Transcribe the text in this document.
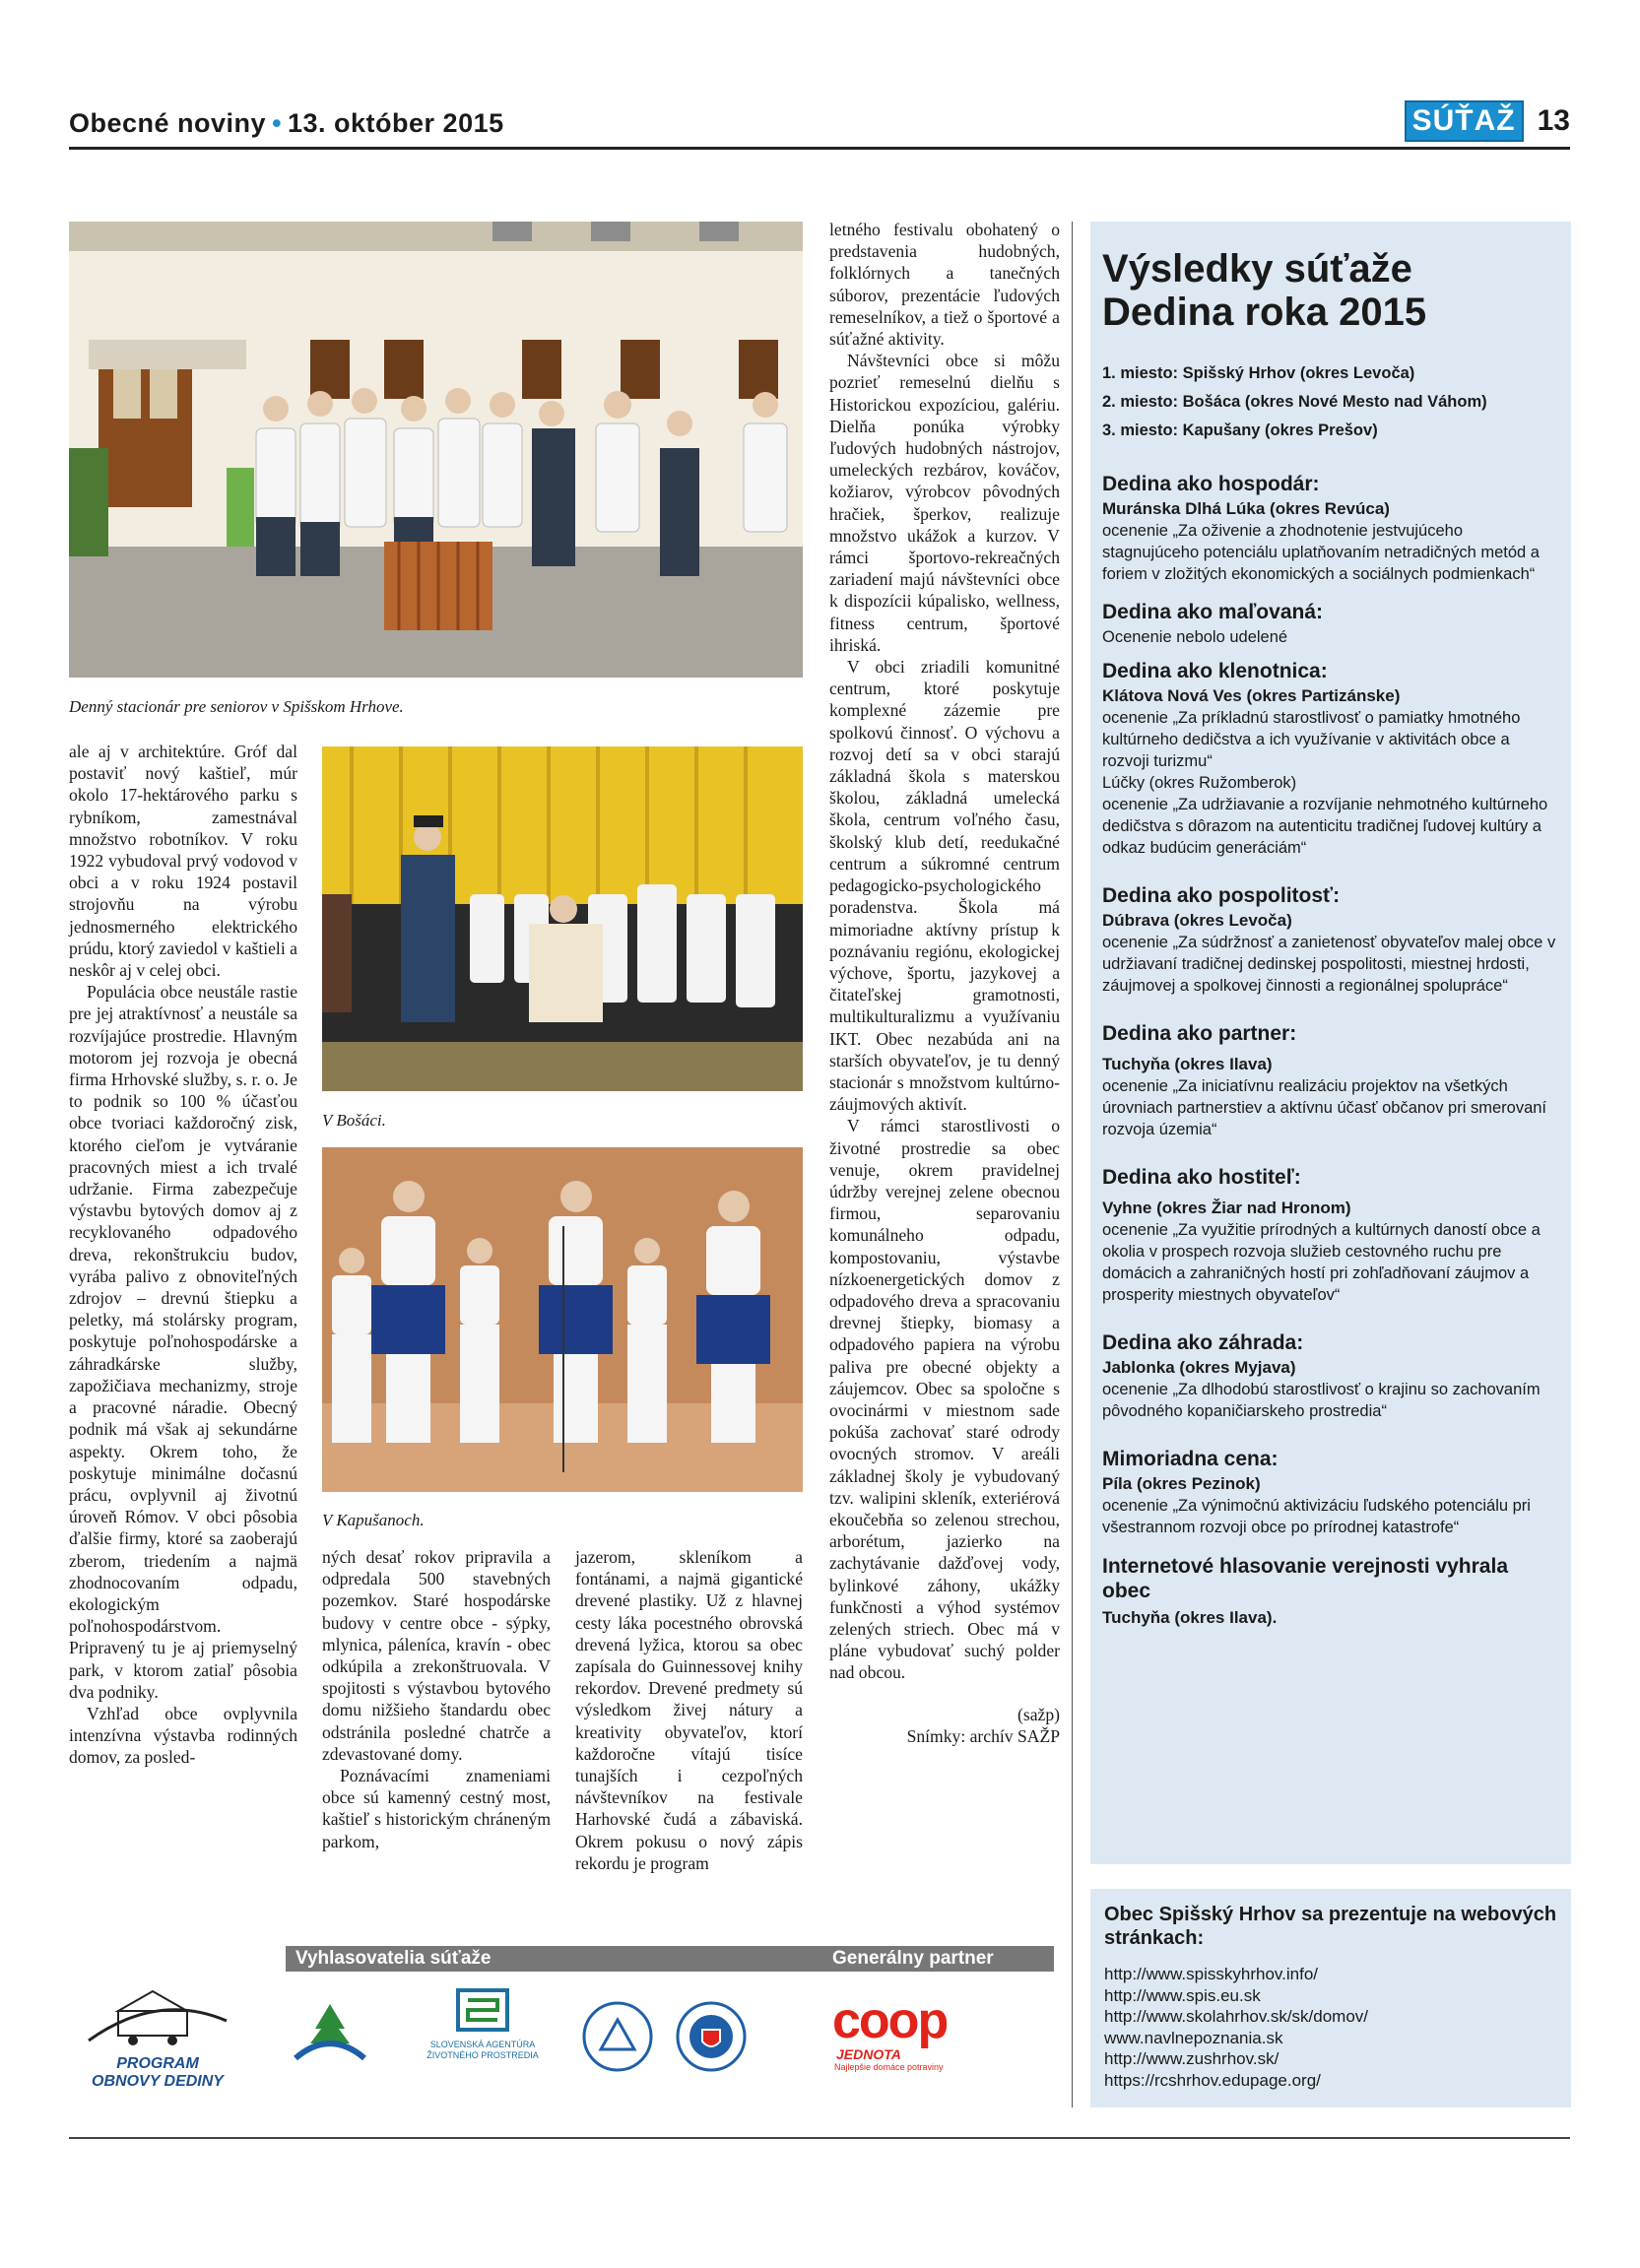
Obecné noviny • 13. október 2015	SÚŤAŽ 13
Denný stacionár pre seniorov v Spišskom Hrhove.
V Bošáci.
V Kapušanoch.

ale aj v architektúre. Gróf dal postaviť nový kaštieľ, múr okolo 17-hektárového parku s rybníkom, zamestnával množstvo robotníkov. V roku 1922 vybudoval prvý vodovod v obci a v roku 1924 postavil strojovňu na výrobu jednosmerného elektrického prúdu, ktorý zaviedol v kaštieli a neskôr aj v celej obci.

Populácia obce neustále rastie pre jej atraktívnosť a neustále sa rozvíjajúce prostredie. Hlavným motorom jej rozvoja je obecná firma Hrhovské služby, s. r. o. Je to podnik so 100 % účasťou obce tvoriaci každoročný zisk, ktorého cieľom je vytváranie pracovných miest a ich trvalé udržanie. Firma zabezpečuje výstavbu bytových domov aj z recyklovaného odpadového dreva, rekonštrukciu budov, vyrába palivo z obnoviteľných zdrojov – drevnú štiepku a peletky, má stolársky program, poskytuje poľnohospodárske a záhradkárske služby, zapožičiava mechanizmy, stroje a pracovné náradie. Obecný podnik má však aj sekundárne aspekty. Okrem toho, že poskytuje minimálne dočasnú prácu, ovplyvnil aj životnú úroveň Rómov. V obci pôsobia ďalšie firmy, ktoré sa zaoberajú zberom, triedením a najmä zhodnocovaním odpadu, ekologickým poľnohospodárstvom. Pripravený tu je aj priemyselný park, v ktorom zatiaľ pôsobia dva podniky.

Vzhľad obce ovplyvnila intenzívna výstavba rodinných domov, za posled-

ných desať rokov pripravila a odpredala 500 stavebných pozemkov. Staré hospodárske budovy v centre obce - sýpky, mlynica, páleníca, kravín - obec odkúpila a zrekonštruovala. V spojitosti s výstavbou bytového domu nižšieho štandardu obec odstránila posledné chatrče a zdevastované domy.

Poznávacími znameniami obce sú kamenný cestný most, kaštieľ s historickým chráneným parkom,

jazerom, skleníkom a fontánami, a najmä gigantické drevené plastiky. Už z hlavnej cesty láka pocestného obrovská drevená lyžica, ktorou sa obec zapísala do Guinnessovej knihy rekordov. Drevené predmety sú výsledkom živej nátury a kreativity obyvateľov, ktorí každoročne vítajú tisíce tunajších i cezpoľných návštevníkov na festivale Harhovské čudá a zábaviská. Okrem pokusu o nový zápis rekordu je program

letného festivalu obohatený o predstavenia hudobných, folklórnych a tanečných súborov, prezentácie ľudových remeselníkov, a tiež o športové a súťažné aktivity.

Návštevníci obce si môžu pozrieť remeselnú dielňu s Historickou expozíciou, galériu. Dielňa ponúka výrobky ľudových hudobných nástrojov, umeleckých rezbárov, kováčov, kožiarov, výrobcov pôvodných hračiek, šperkov, realizuje množstvo ukážok a kurzov. V rámci športovo-rekreačných zariadení majú návštevníci obce k dispozícii kúpalisko, wellness, fitness centrum, športové ihriská.

V obci zriadili komunitné centrum, ktoré poskytuje komplexné zázemie pre spolkovú činnosť. O výchovu a rozvoj detí sa v obci starajú základná škola s materskou školou, základná umelecká škola, centrum voľného času, školský klub detí, reedukačné centrum a súkromné centrum pedagogicko-psychologického poradenstva. Škola má mimoriadne aktívny prístup k poznávaniu regiónu, ekologickej výchove, športu, jazykovej a čitateľskej gramotnosti, multikulturalizmu a využívaniu IKT. Obec nezabúda ani na starších obyvateľov, je tu denný stacionár s množstvom kultúrno-záujmových aktivít.

V rámci starostlivosti o životné prostredie sa obec venuje, okrem pravidelnej údržby verejnej zelene obecnou firmou, separovaniu komunálneho odpadu, kompostovaniu, výstavbe nízkoenergetických domov z odpadového dreva a spracovaniu drevnej štiepky, biomasy a odpadového papiera na výrobu paliva pre obecné objekty a záujemcov. Obec sa spoločne s ovocinármi v miestnom sade pokúša zachovať staré odrody ovocných stromov. V areáli základnej školy je vybudovaný tzv. walipini skleník, exteriérová ekoučebňa so zelenou strechou, arborétum, jazierko na zachytávanie dažďovej vody, bylinkové záhony, ukážky funkčnosti a výhod systémov zelených striech. Obec má v pláne vybudovať suchý polder nad obcou.

(sažp)

Snímky: archív SAŽP

Výsledky súťaže
Dedina roka 2015
1. miesto: Spišský Hrhov (okres Levoča)
2. miesto: Bošáca (okres Nové Mesto nad Váhom)
3. miesto: Kapušany (okres Prešov)
Dedina ako hospodár:
Muránska Dlhá Lúka (okres Revúca)
ocenenie „Za oživenie a zhodnotenie jestvujúceho stagnujúceho potenciálu uplatňovaním netradičných metód a foriem v zložitých ekonomických a sociálnych podmienkach“
Dedina ako maľovaná:
Ocenenie nebolo udelené
Dedina ako klenotnica:
Klátova Nová Ves (okres Partizánske)
ocenenie „Za príkladnú starostlivosť o pamiatky hmotného kultúrneho dedičstva a ich využívanie v aktivitách obce a rozvoji turizmu“
Lúčky (okres Ružomberok)
ocenenie „Za udržiavanie a rozvíjanie nehmotného kultúrneho dedičstva s dôrazom na autenticitu tradičnej ľudovej kultúry a odkaz budúcim generáciám“
Dedina ako pospolitosť:
Dúbrava (okres Levoča)
ocenenie „Za súdržnosť a zanietenosť obyvateľov malej obce v udržiavaní tradičnej dedinskej pospolitosti, miestnej hrdosti, záujmovej a spolkovej činnosti a regionálnej spolupráce“
Dedina ako partner:
Tuchyňa (okres Ilava)
ocenenie „Za iniciatívnu realizáciu projektov na všetkých úrovniach partnerstiev a aktívnu účasť občanov pri smerovaní rozvoja územia“
Dedina ako hostiteľ:
Vyhne (okres Žiar nad Hronom)
ocenenie „Za využitie prírodných a kultúrnych daností obce a okolia v prospech rozvoja služieb cestovného ruchu pre domácich a zahraničných hostí pri zohľadňovaní záujmov a prosperity miestnych obyvateľov“
Dedina ako záhrada:
Jablonka (okres Myjava)
ocenenie „Za dlhodobú starostlivosť o krajinu so zachovaním pôvodného kopaničiarskeho prostredia“
Mimoriadna cena:
Píla (okres Pezinok)
ocenenie „Za výnimočnú aktivizáciu ľudského potenciálu pri všestrannom rozvoji obce po prírodnej katastrofe“
Internetové hlasovanie verejnosti vyhrala obec
Tuchyňa (okres Ilava).
Obec Spišský Hrhov sa prezentuje na webových stránkach:
http://www.spisskyhrhov.info/
http://www.spis.eu.sk
http://www.skolahrhov.sk/sk/domov/
www.navlnepoznania.sk
http://www.zushrhov.sk/
https://rcshrhov.edupage.org/
Vyhlasovatelia súťaže	Generálny partner
PROGRAM
OBNOVY DEDINY
SLOVENSKÁ AGENTÚRA
ŽIVOTNÉHO PROSTREDIA
coop
JEDNOTA
Najlepšie domáce potraviny
